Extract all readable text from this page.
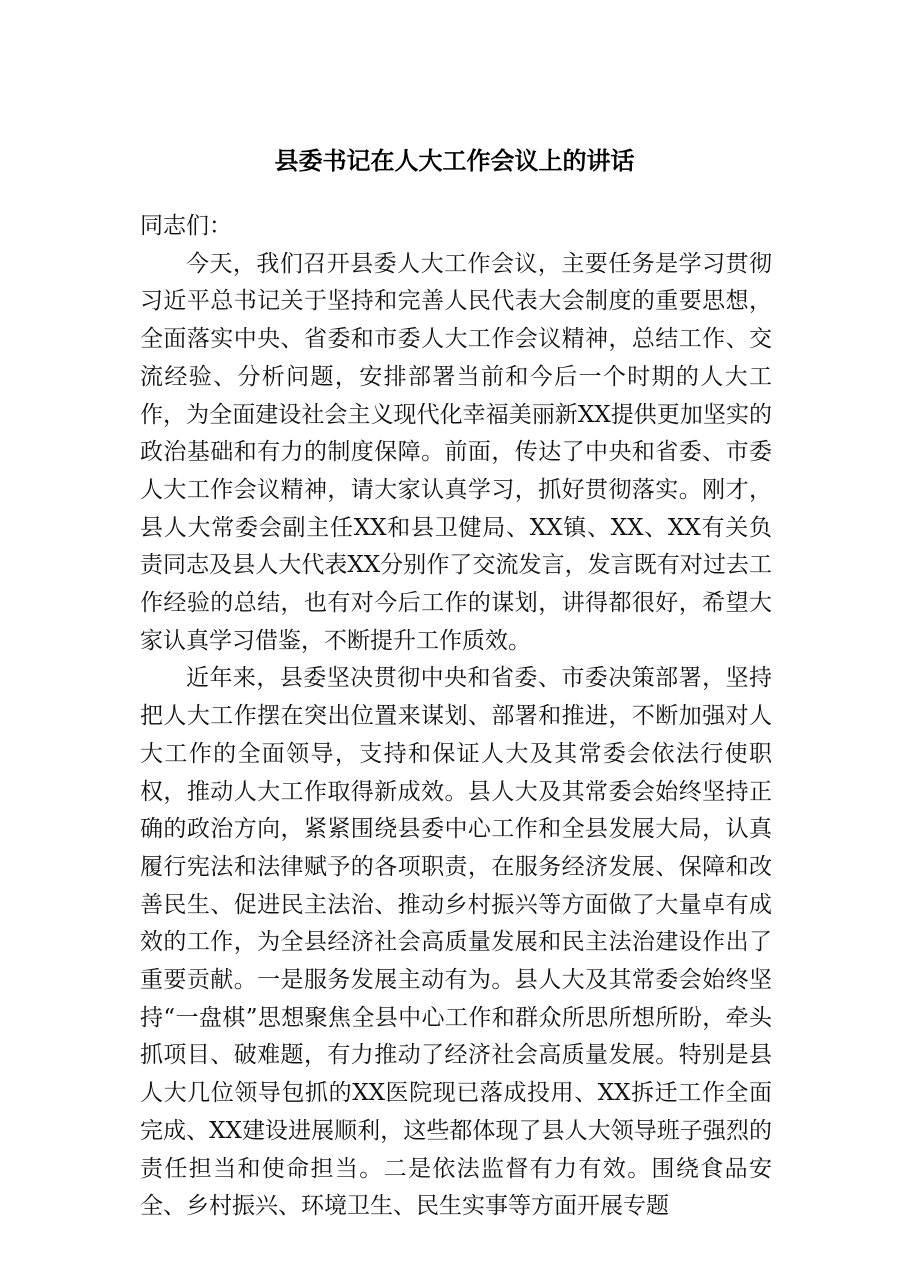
县委书记在人大工作会议上的讲话

同志们：

今天，我们召开县委人大工作会议，主要任务是学习贯彻习近平总书记关于坚持和完善人民代表大会制度的重要思想，全面落实中央、省委和市委人大工作会议精神，总结工作、交流经验、分析问题，安排部署当前和今后一个时期的人大工作，为全面建设社会主义现代化幸福美丽新XX提供更加坚实的政治基础和有力的制度保障。前面，传达了中央和省委、市委人大工作会议精神，请大家认真学习，抓好贯彻落实。刚才，县人大常委会副主任XX和县卫健局、XX镇、XX、XX有关负责同志及县人大代表XX分别作了交流发言，发言既有对过去工作经验的总结，也有对今后工作的谋划，讲得都很好，希望大家认真学习借鉴，不断提升工作质效。

近年来，县委坚决贯彻中央和省委、市委决策部署，坚持把人大工作摆在突出位置来谋划、部署和推进，不断加强对人大工作的全面领导，支持和保证人大及其常委会依法行使职权，推动人大工作取得新成效。县人大及其常委会始终坚持正确的政治方向，紧紧围绕县委中心工作和全县发展大局，认真履行宪法和法律赋予的各项职责，在服务经济发展、保障和改善民生、促进民主法治、推动乡村振兴等方面做了大量卓有成效的工作，为全县经济社会高质量发展和民主法治建设作出了重要贡献。一是服务发展主动有为。县人大及其常委会始终坚持“一盘棋”思想聚焦全县中心工作和群众所思所想所盼，牵头抓项目、破难题，有力推动了经济社会高质量发展。特别是县人大几位领导包抓的XX医院现已落成投用、XX拆迁工作全面完成、XX建设进展顺利，这些都体现了县人大领导班子强烈的责任担当和使命担当。二是依法监督有力有效。围绕食品安全、乡村振兴、环境卫生、民生实事等方面开展专题
